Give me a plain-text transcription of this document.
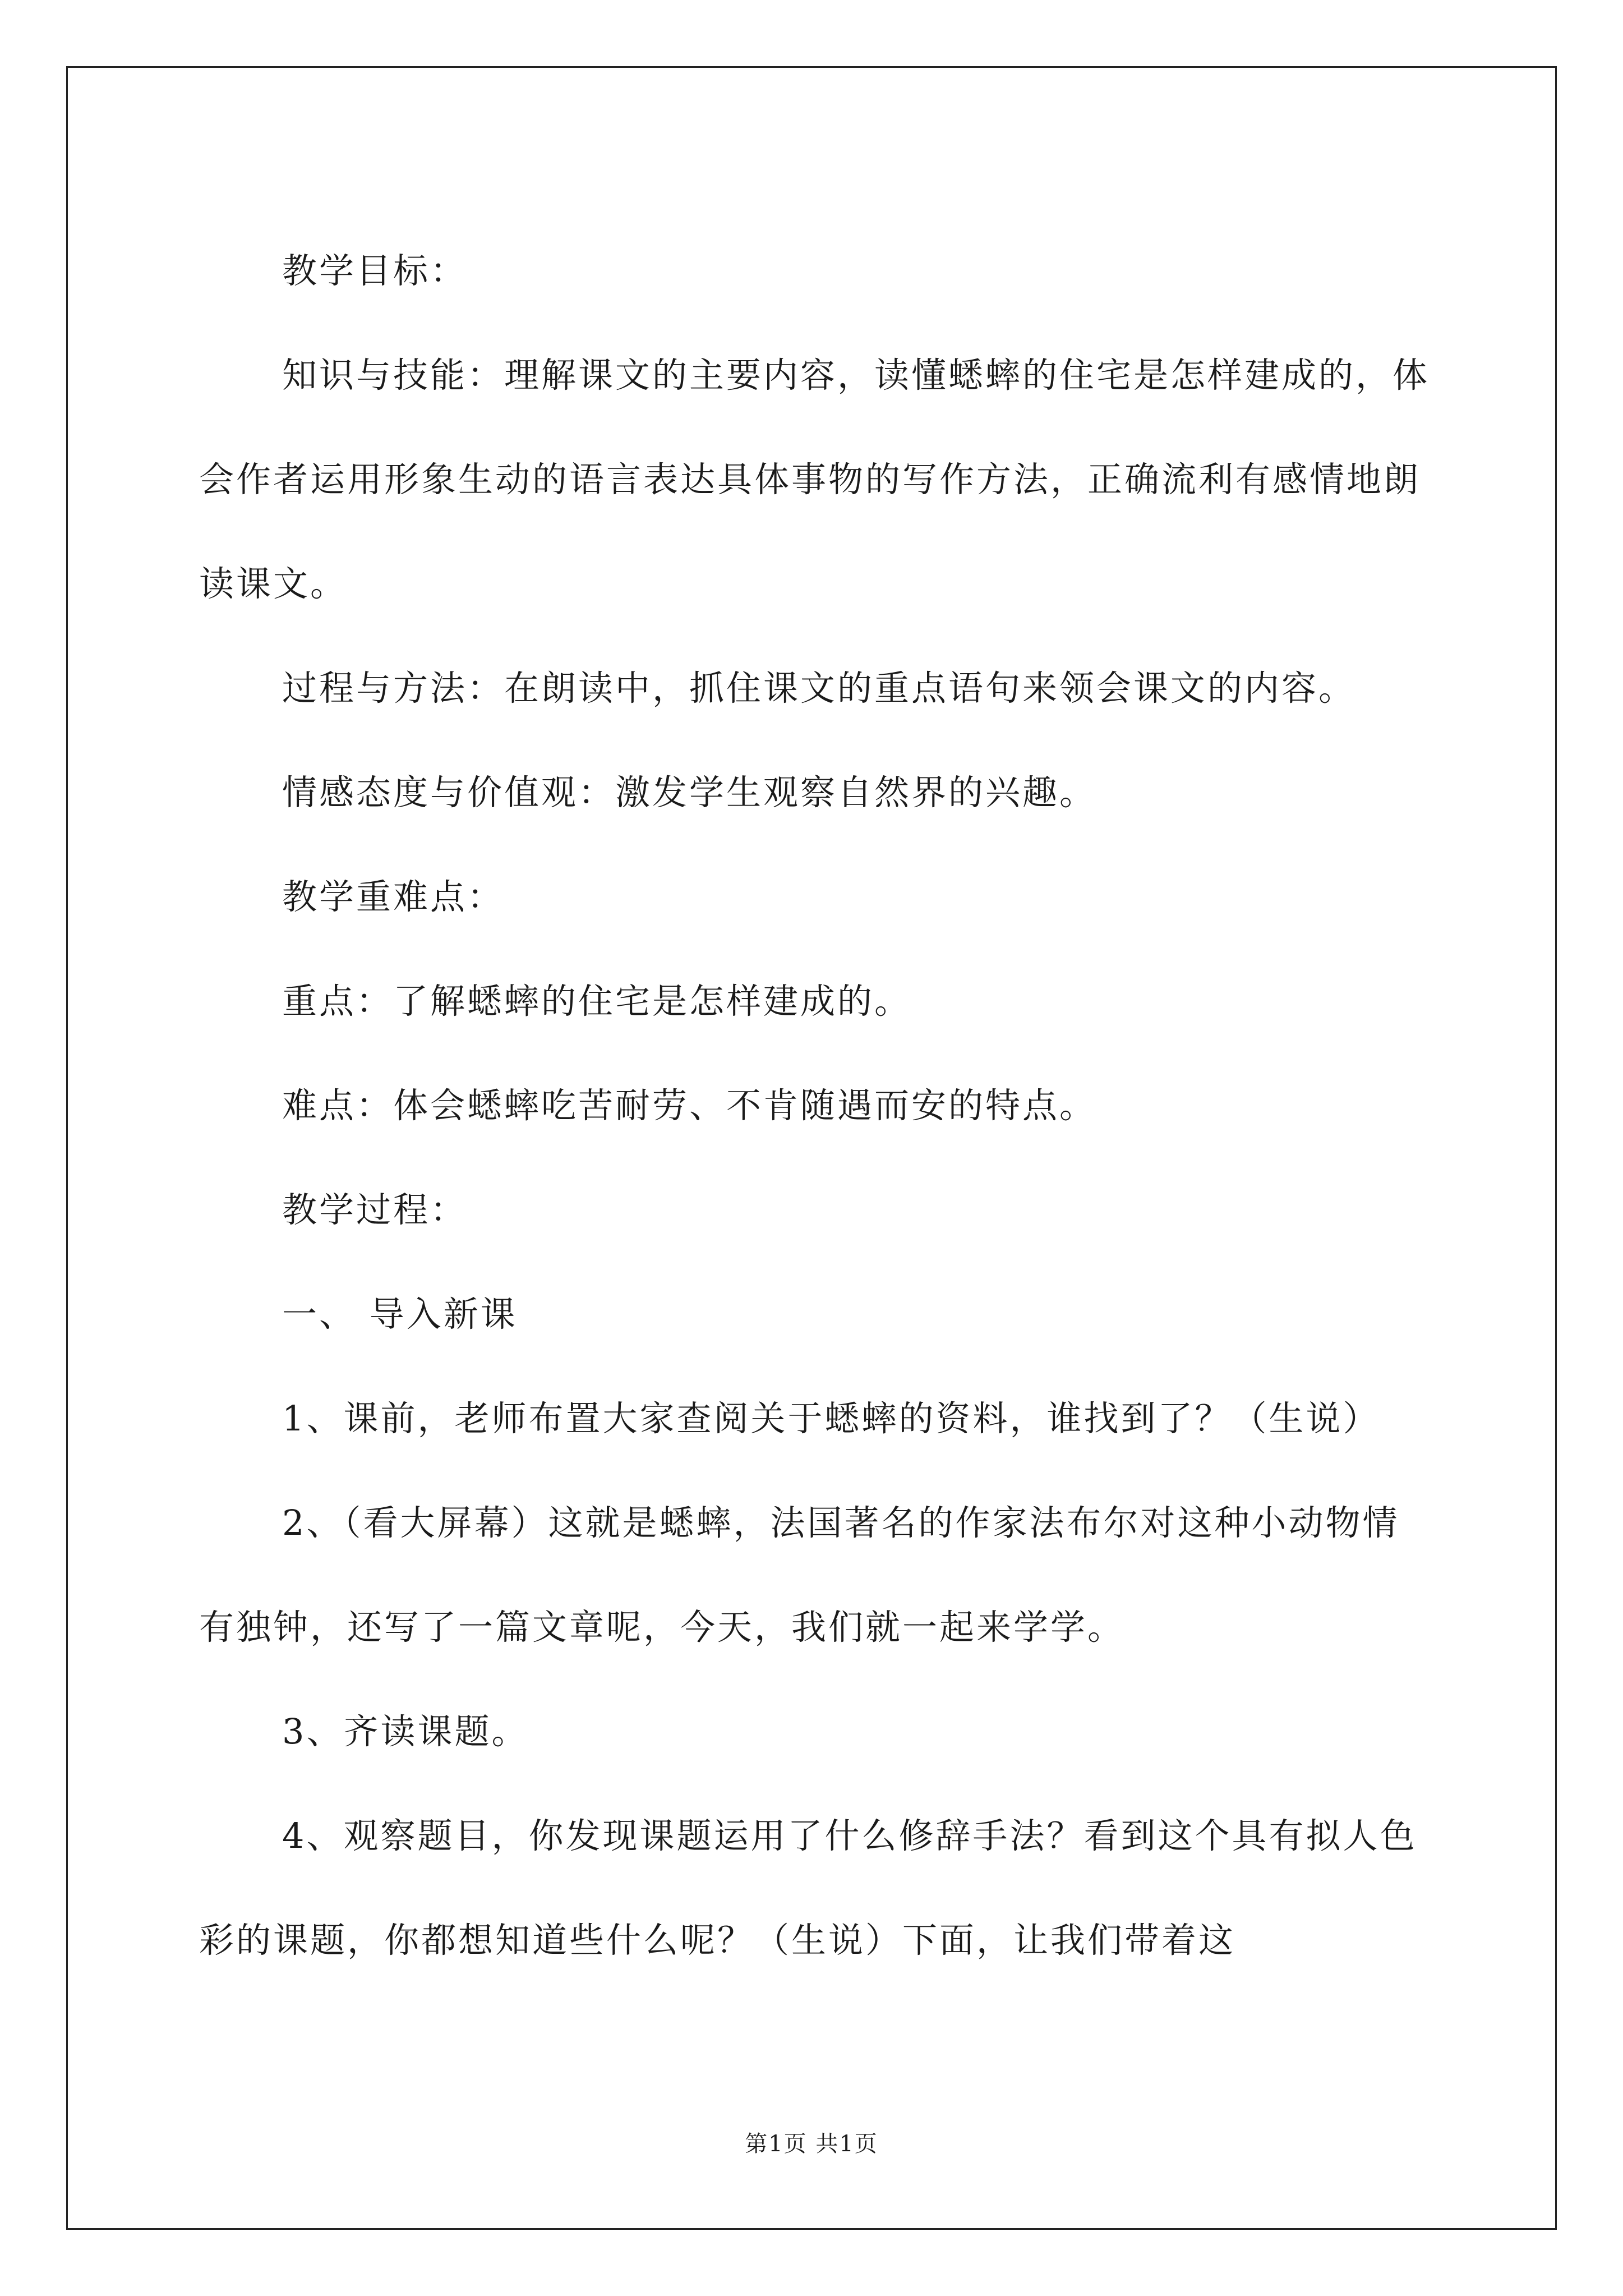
教学目标：

知识与技能：理解课文的主要内容，读懂蟋蟀的住宅是怎样建成的，体会作者运用形象生动的语言表达具体事物的写作方法，正确流利有感情地朗读课文。

过程与方法：在朗读中，抓住课文的重点语句来领会课文的内容。

情感态度与价值观：激发学生观察自然界的兴趣。

教学重难点：

重点：了解蟋蟀的住宅是怎样建成的。

难点：体会蟋蟀吃苦耐劳、不肯随遇而安的特点。

教学过程：

一、 导入新课

1、课前，老师布置大家查阅关于蟋蟀的资料，谁找到了？（生说）

2、（看大屏幕）这就是蟋蟀，法国著名的作家法布尔对这种小动物情有独钟，还写了一篇文章呢，今天，我们就一起来学学。

3、齐读课题。

4、观察题目，你发现课题运用了什么修辞手法？看到这个具有拟人色彩的课题，你都想知道些什么呢？（生说）下面，让我们带着这

第1页 共1页
